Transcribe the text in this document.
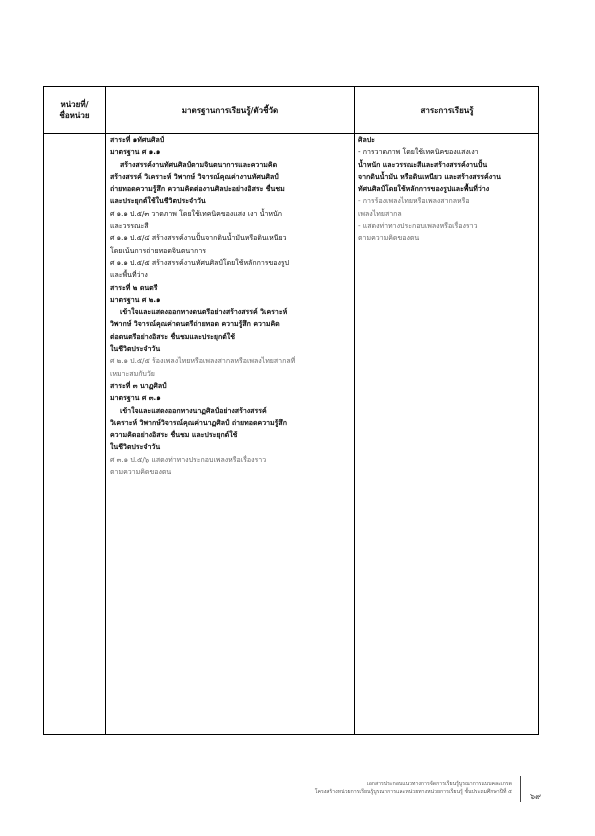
หน่วยที่/
ชื่อหน่วย
มาตรฐานการเรียนรู้/ตัวชี้วัด	สาระการเรียนรู้

สาระที่ ๑ทัศนศิลป์

มาตรฐาน ศ ๑.๑

สร้างสรรค์งานทัศนศิลป์ตามจินตนาการและความคิด

สร้างสรรค์ วิเคราะห์ วิพากษ์ วิจารณ์คุณค่างานทัศนศิลป์

ถ่ายทอดความรู้สึก ความคิดต่องานศิลปะอย่างอิสระ ชื่นชม

และประยุกต์ใช้ในชีวิตประจำวัน

ศ ๑.๑ ป.๕/๓ วาดภาพ โดยใช้เทคนิคของแสง เงา น้ำหนัก

และวรรณะสี

ศ ๑.๑ ป.๕/๔ สร้างสรรค์งานปั้นจากดินน้ำมันหรือดินเหนียว

โดยเน้นการถ่ายทอดจินตนาการ

ศ ๑.๑ ป.๕/๕ สร้างสรรค์งานทัศนศิลป์โดยใช้หลักการของรูป

และพื้นที่ว่าง

สาระที่ ๒ ดนตรี

มาตรฐาน ศ ๒.๑

เข้าใจและแสดงออกทางดนตรีอย่างสร้างสรรค์ วิเคราะห์

วิพากษ์ วิจารณ์คุณค่าดนตรีถ่ายทอด ความรู้สึก ความคิด

ต่อดนตรีอย่างอิสระ ชื่นชมและประยุกต์ใช้

ในชีวิตประจำวัน

ศ ๒.๑ ป.๕/๕ ร้องเพลงไทยหรือเพลงสากลหรือเพลงไทยสากลที่

เหมาะสมกับวัย

สาระที่ ๓ นาฏศิลป์

มาตรฐาน ศ ๓.๑

เข้าใจและแสดงออกทางนาฏศิลป์อย่างสร้างสรรค์

วิเคราะห์ วิพากษ์วิจารณ์คุณค่านาฏศิลป์ ถ่ายทอดความรู้สึก

ความคิดอย่างอิสระ ชื่นชม และประยุกต์ใช้

ในชีวิตประจำวัน

ศ ๓.๑ ป.๕/๖ แสดงท่าทางประกอบเพลงหรือเรื่องราว

ตามความคิดของตน

ศิลปะ

- การวาดภาพ โดยใช้เทคนิคของแสงเงา

น้ำหนัก และวรรณะสีและสร้างสรรค์งานปั้น

จากดินน้ำมัน หรือดินเหนียว และสร้างสรรค์งาน

ทัศนศิลป์โดยใช้หลักการของรูปและพื้นที่ว่าง

- การร้องเพลงไทยหรือเพลงสากลหรือ

เพลงไทยสากล

- แสดงท่าทางประกอบเพลงหรือเรื่องราว

ตามความคิดของตน

เอกสารประกอบแนวทางการจัดการเรียนรู้บูรณาการแบบคละเกรด

โครงสร้างหน่วยการเรียนรู้บูรณาการและหน่วยทางหน่วยการเรียนรู้ ชั้นประถมศึกษาปีที่ ๕ ๖๙
